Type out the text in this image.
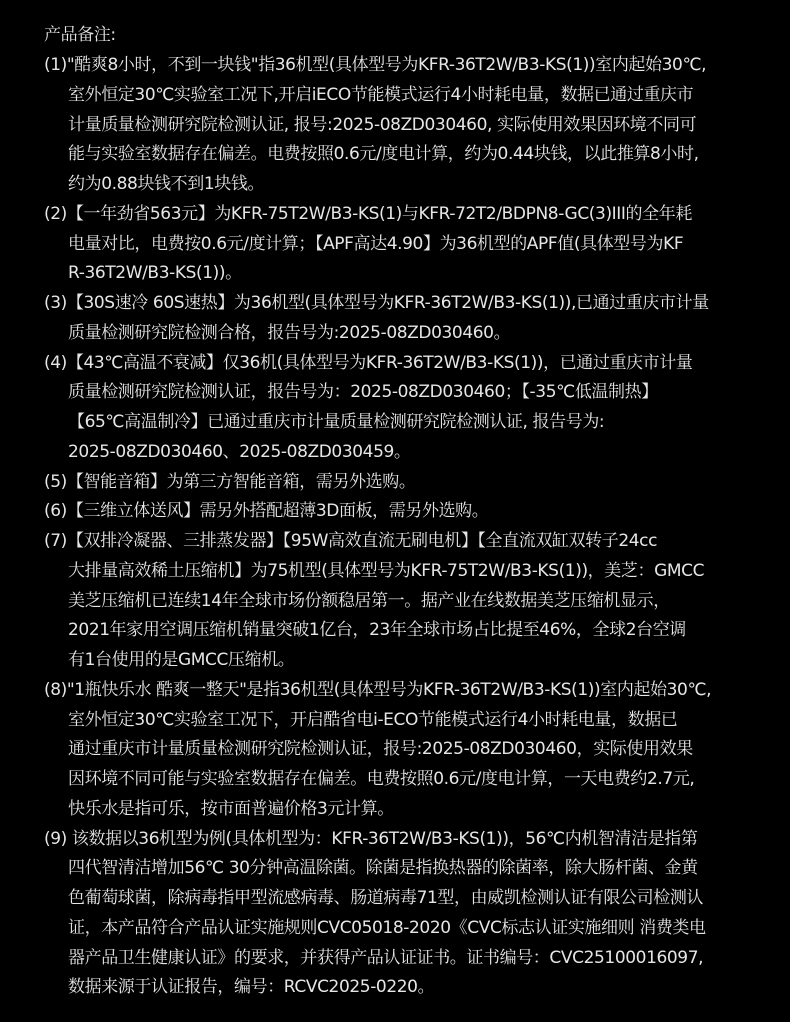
产品备注:
(1)"酷爽8小时，不到一块钱"指36机型(具体型号为KFR-36T2W/B3-KS(1))室内起始30℃,
室外恒定30℃实验室工况下,开启iECO节能模式运行4小时耗电量，数据已通过重庆市
计量质量检测研究院检测认证, 报号:2025-08ZD030460, 实际使用效果因环境不同可
能与实验室数据存在偏差。电费按照0.6元/度电计算，约为0.44块钱，以此推算8小时,
约为0.88块钱不到1块钱。
(2)【一年劲省563元】为KFR-75T2W/B3-KS(1)与KFR-72T2/BDPN8-GC(3)III的全年耗
电量对比，电费按0.6元/度计算；【APF高达4.90】为36机型的APF值(具体型号为KF
R-36T2W/B3-KS(1))。
(3)【30S速冷 60S速热】为36机型(具体型号为KFR-36T2W/B3-KS(1)),已通过重庆市计量
质量检测研究院检测合格，报告号为:2025-08ZD030460。
(4)【43℃高温不衰减】仅36机(具体型号为KFR-36T2W/B3-KS(1))，已通过重庆市计量
质量检测研究院检测认证，报告号为：2025-08ZD030460；【-35℃低温制热】
【65℃高温制冷】已通过重庆市计量质量检测研究院检测认证, 报告号为:
2025-08ZD030460、2025-08ZD030459。
(5)【智能音箱】为第三方智能音箱，需另外选购。
(6)【三维立体送风】需另外搭配超薄3D面板，需另外选购。
(7)【双排冷凝器、三排蒸发器】【95W高效直流无刷电机】【全直流双缸双转子24cc
大排量高效稀土压缩机】为75机型(具体型号为KFR-75T2W/B3-KS(1))，美芝：GMCC
美芝压缩机已连续14年全球市场份额稳居第一。据产业在线数据美芝压缩机显示，
2021年家用空调压缩机销量突破1亿台，23年全球市场占比提至46%，全球2台空调
有1台使用的是GMCC压缩机。
(8)"1瓶快乐水 酷爽一整天"是指36机型(具体型号为KFR-36T2W/B3-KS(1))室内起始30℃,
室外恒定30℃实验室工况下，开启酷省电i-ECO节能模式运行4小时耗电量，数据已
通过重庆市计量质量检测研究院检测认证，报号:2025-08ZD030460，实际使用效果
因环境不同可能与实验室数据存在偏差。电费按照0.6元/度电计算，一天电费约2.7元,
快乐水是指可乐，按市面普遍价格3元计算。
(9) 该数据以36机型为例(具体机型为：KFR-36T2W/B3-KS(1))，56℃内机智清洁是指第
四代智清洁增加56℃ 30分钟高温除菌。除菌是指换热器的除菌率，除大肠杆菌、金黄
色葡萄球菌，除病毒指甲型流感病毒、肠道病毒71型，由威凯检测认证有限公司检测认
证，本产品符合产品认证实施规则CVC05018-2020《CVC标志认证实施细则 消费类电
器产品卫生健康认证》的要求，并获得产品认证证书。证书编号：CVC25100016097,
数据来源于认证报告，编号：RCVC2025-0220。
